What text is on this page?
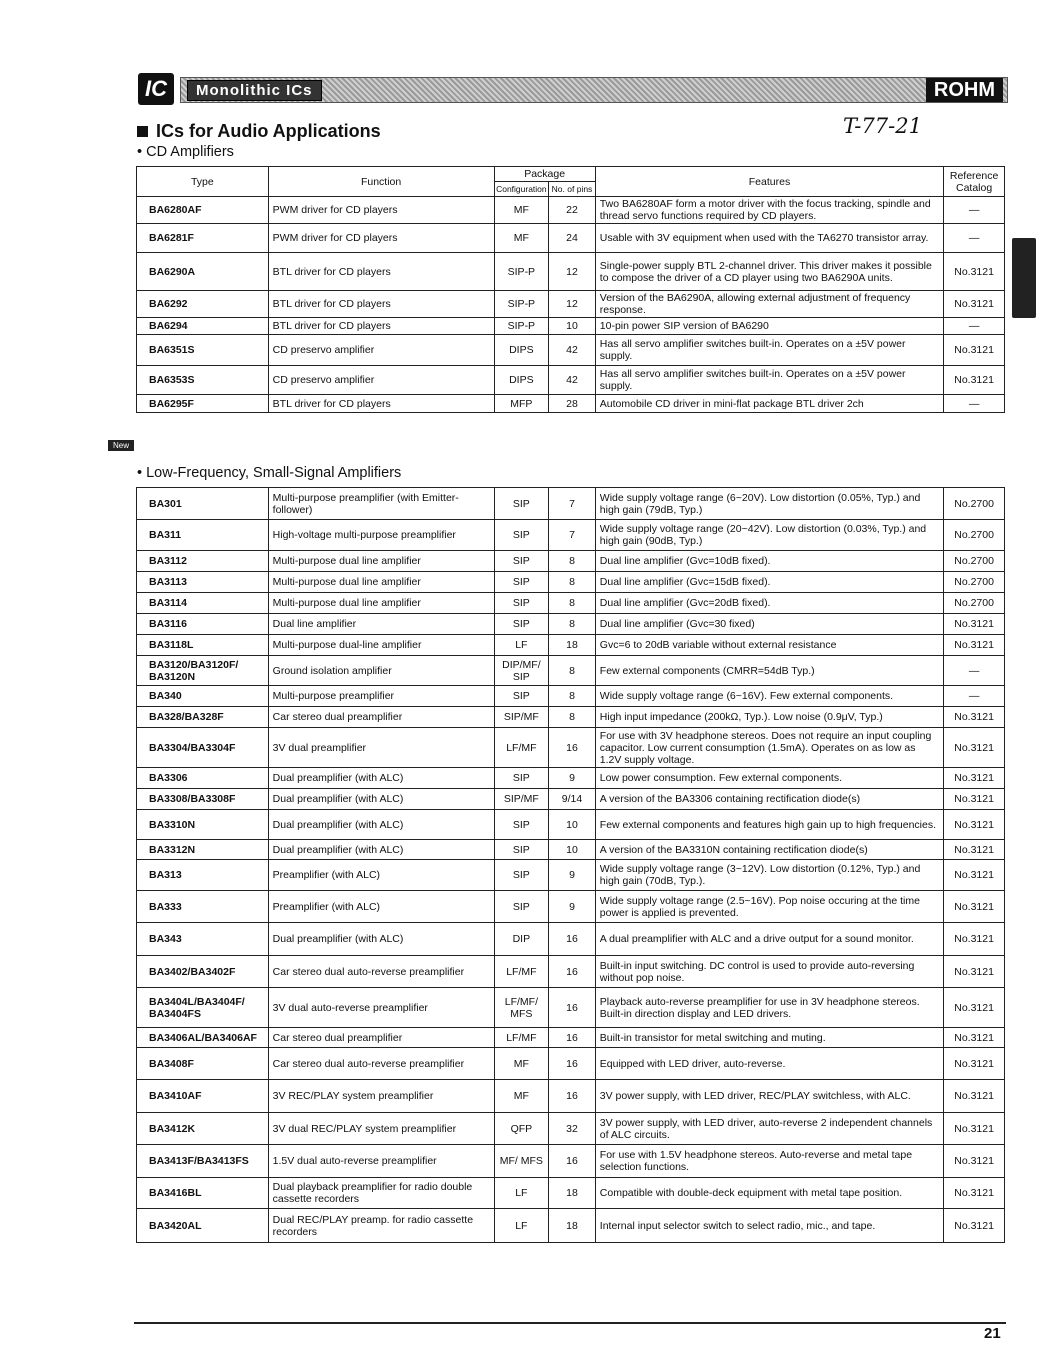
IC	Monolithic ICs	ROHM
ICs for Audio Applications	T-77-21
• CD Amplifiers
Type	Function	Package		Features	Reference Catalog
		Configuration	No. of pins		
BA6280AF	PWM driver for CD players	MF	22	Two BA6280AF form a motor driver with the focus tracking, spindle and thread servo functions required by CD players.	—
BA6281F	PWM driver for CD players	MF	24	Usable with 3V equipment when used with the TA6270 transistor array.	—
BA6290A	BTL driver for CD players	SIP-P	12	Single-power supply BTL 2-channel driver. This driver makes it possible to compose the driver of a CD player using two BA6290A units.	No.3121
BA6292	BTL driver for CD players	SIP-P	12	Version of the BA6290A, allowing external adjustment of frequency response.	No.3121
BA6294	BTL driver for CD players	SIP-P	10	10-pin power SIP version of BA6290	—
BA6351S	CD preservo amplifier	DIPS	42	Has all servo amplifier switches built-in. Operates on a ±5V power supply.	No.3121
BA6353S	CD preservo amplifier	DIPS	42	Has all servo amplifier switches built-in. Operates on a ±5V power supply.	No.3121
BA6295F	BTL driver for CD players	MFP	28	Automobile CD driver in mini-flat package BTL driver 2ch	—
New
• Low-Frequency, Small-Signal Amplifiers
BA301	Multi-purpose preamplifier (with Emitter-follower)	SIP	7	Wide supply voltage range (6~20V). Low distortion (0.05%, Typ.) and high gain (79dB, Typ.)	No.2700
BA311	High-voltage multi-purpose preamplifier	SIP	7	Wide supply voltage range (20~42V). Low distortion (0.03%, Typ.) and high gain (90dB, Typ.)	No.2700
BA3112	Multi-purpose dual line amplifier	SIP	8	Dual line amplifier (Gvc=10dB fixed).	No.2700
BA3113	Multi-purpose dual line amplifier	SIP	8	Dual line amplifier (Gvc=15dB fixed).	No.2700
BA3114	Multi-purpose dual line amplifier	SIP	8	Dual line amplifier (Gvc=20dB fixed).	No.2700
BA3116	Dual line amplifier	SIP	8	Dual line amplifier (Gvc=30 fixed)	No.3121
BA3118L	Multi-purpose dual-line amplifier	LF	18	Gvc=6 to 20dB variable without external resistance	No.3121
BA3120/BA3120F/ BA3120N	Ground isolation amplifier	DIP/MF/ SIP	8	Few external components (CMRR=54dB Typ.)	—
BA340	Multi-purpose preamplifier	SIP	8	Wide supply voltage range (6~16V). Few external components.	—
BA328/BA328F	Car stereo dual preamplifier	SIP/MF	8	High input impedance (200kΩ, Typ.). Low noise (0.9μV, Typ.)	No.3121
BA3304/BA3304F	3V dual preamplifier	LF/MF	16	For use with 3V headphone stereos. Does not require an input coupling capacitor. Low current consumption (1.5mA). Operates on as low as 1.2V supply voltage.	No.3121
BA3306	Dual preamplifier (with ALC)	SIP	9	Low power consumption. Few external components.	No.3121
BA3308/BA3308F	Dual preamplifier (with ALC)	SIP/MF	9/14	A version of the BA3306 containing rectification diode(s)	No.3121
BA3310N	Dual preamplifier (with ALC)	SIP	10	Few external components and features high gain up to high frequencies.	No.3121
BA3312N	Dual preamplifier (with ALC)	SIP	10	A version of the BA3310N containing rectification diode(s)	No.3121
BA313	Preamplifier (with ALC)	SIP	9	Wide supply voltage range (3~12V). Low distortion (0.12%, Typ.) and high gain (70dB, Typ.).	No.3121
BA333	Preamplifier (with ALC)	SIP	9	Wide supply voltage range (2.5~16V). Pop noise occuring at the time power is applied is prevented.	No.3121
BA343	Dual preamplifier (with ALC)	DIP	16	A dual preamplifier with ALC and a drive output for a sound monitor.	No.3121
BA3402/BA3402F	Car stereo dual auto-reverse preamplifier	LF/MF	16	Built-in input switching. DC control is used to provide auto-reversing without pop noise.	No.3121
BA3404L/BA3404F/ BA3404FS	3V dual auto-reverse preamplifier	LF/MF/ MFS	16	Playback auto-reverse preamplifier for use in 3V headphone stereos. Built-in direction display and LED drivers.	No.3121
BA3406AL/BA3406AF	Car stereo dual preamplifier	LF/MF	16	Built-in transistor for metal switching and muting.	No.3121
BA3408F	Car stereo dual auto-reverse preamplifier	MF	16	Equipped with LED driver, auto-reverse.	No.3121
BA3410AF	3V REC/PLAY system preamplifier	MF	16	3V power supply, with LED driver, REC/PLAY switchless, with ALC.	No.3121
BA3412K	3V dual REC/PLAY system preamplifier	QFP	32	3V power supply, with LED driver, auto-reverse 2 independent channels of ALC circuits.	No.3121
BA3413F/BA3413FS	1.5V dual auto-reverse preamplifier	MF/ MFS	16	For use with 1.5V headphone stereos. Auto-reverse and metal tape selection functions.	No.3121
BA3416BL	Dual playback preamplifier for radio double cassette recorders	LF	18	Compatible with double-deck equipment with metal tape position.	No.3121
BA3420AL	Dual REC/PLAY preamp. for radio cassette recorders	LF	18	Internal input selector switch to select radio, mic., and tape.	No.3121
21
